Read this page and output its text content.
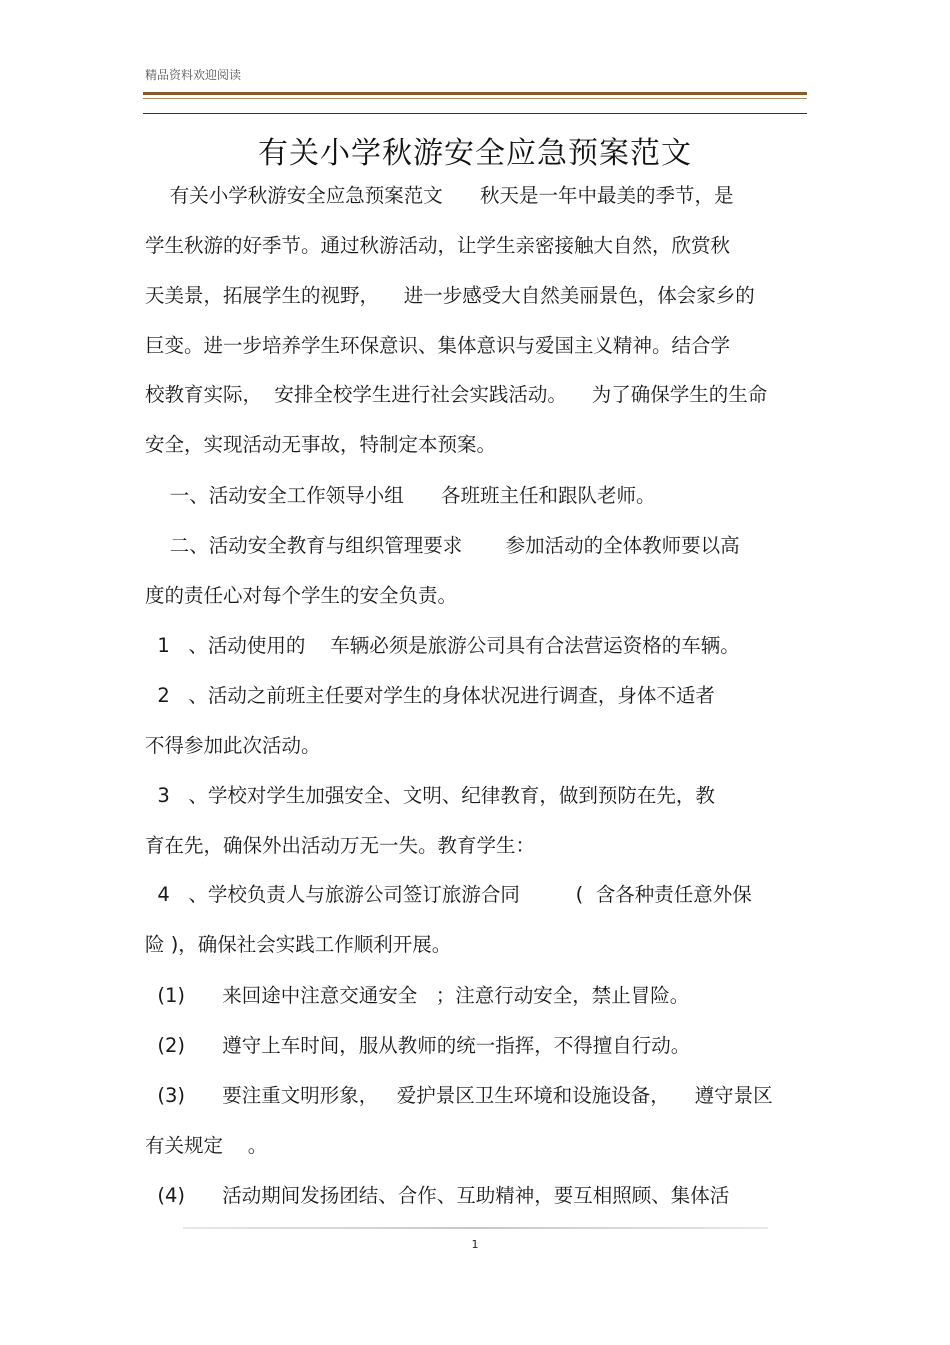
精品资料欢迎阅读
有关小学秋游安全应急预案范文
有关小学秋游安全应急预案范文      秋天是一年中最美的季节，是
学生秋游的好季节。通过秋游活动，让学生亲密接触大自然，欣赏秋
天美景，拓展学生的视野，    进一步感受大自然美丽景色，体会家乡的
巨变。进一步培养学生环保意识、集体意识与爱国主义精神。结合学
校教育实际，  安排全校学生进行社会实践活动。    为了确保学生的生命
安全，实现活动无事故，特制定本预案。
一、活动安全工作领导小组      各班班主任和跟队老师。
二、活动安全教育与组织管理要求       参加活动的全体教师要以高
度的责任心对每个学生的安全负责。
1   、活动使用的    车辆必须是旅游公司具有合法营运资格的车辆。
2   、活动之前班主任要对学生的身体状况进行调查，身体不适者
不得参加此次活动。
3   、学校对学生加强安全、文明、纪律教育，做到预防在先，教
育在先，确保外出活动万无一失。教育学生：
4   、学校负责人与旅游公司签订旅游合同         (  含各种责任意外保
险 )，确保社会实践工作顺利开展。
(1)      来回途中注意交通安全   ；注意行动安全，禁止冒险。
(2)      遵守上车时间，服从教师的统一指挥，不得擅自行动。
(3)      要注重文明形象，   爱护景区卫生环境和设施设备，    遵守景区
有关规定    。
(4)      活动期间发扬团结、合作、互助精神，要互相照顾、集体活
1
